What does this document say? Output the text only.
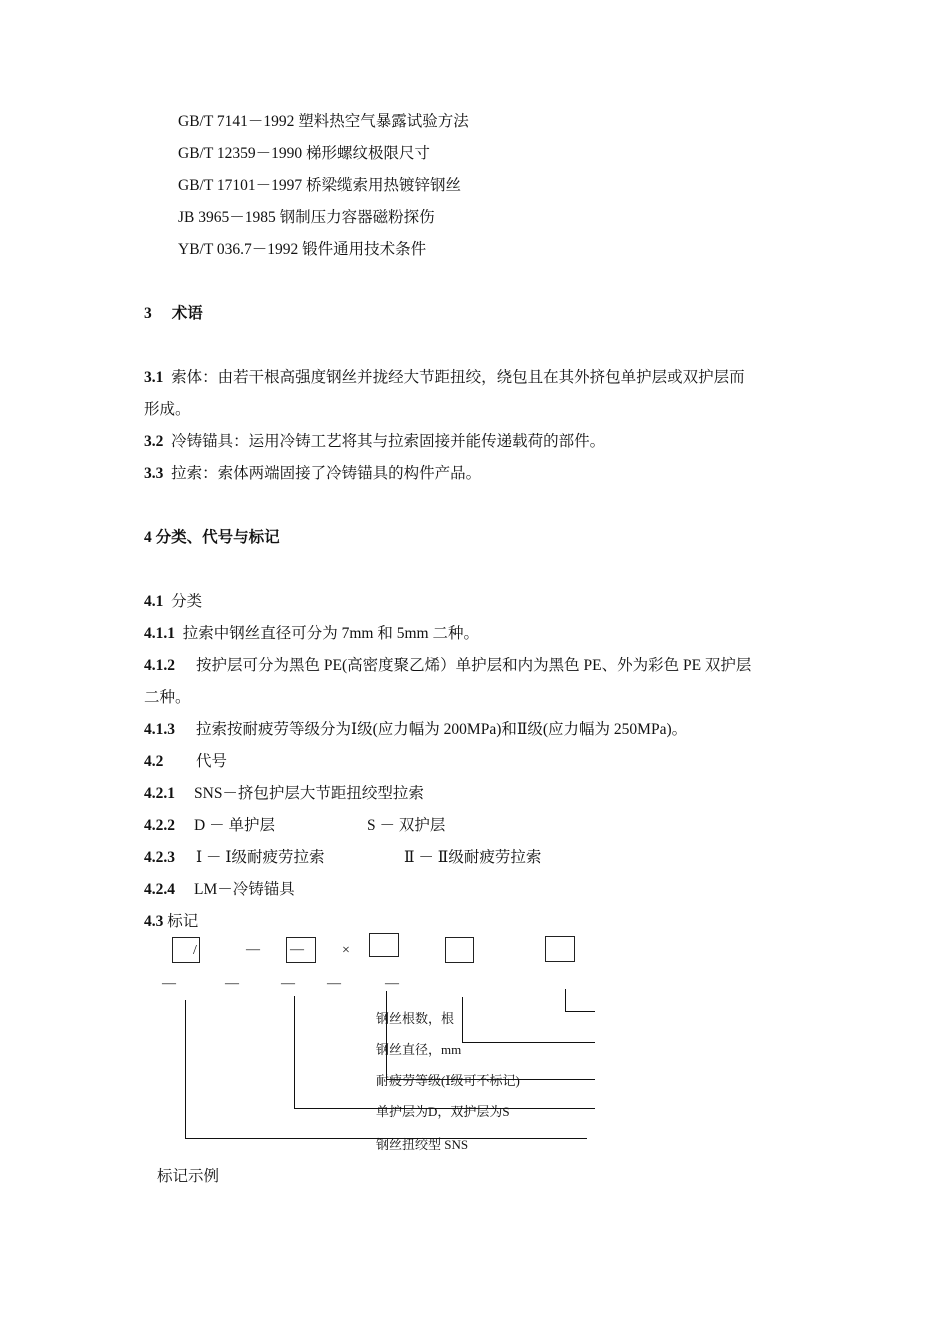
GB/T 7141－1992 塑料热空气暴露试验方法
GB/T 12359－1990 梯形螺纹极限尺寸
GB/T 17101－1997 桥梁缆索用热镀锌钢丝
JB 3965－1985 钢制压力容器磁粉探伤
YB/T 036.7－1992 锻件通用技术条件
3 术语
3.1 索体：由若干根高强度钢丝并拢经大节距扭绞，绕包且在其外挤包单护层或双护层而
形成。
3.2 冷铸锚具：运用冷铸工艺将其与拉索固接并能传递载荷的部件。
3.3 拉索：索体两端固接了冷铸锚具的构件产品。
4 分类、代号与标记
4.1 分类
4.1.1 拉索中钢丝直径可分为 7mm 和 5mm 二种。
4.1.2 按护层可分为黑色 PE(高密度聚乙烯）单护层和内为黑色 PE、外为彩色 PE 双护层
二种。
4.1.3 拉索按耐疲劳等级分为Ⅰ级(应力幅为 200MPa)和Ⅱ级(应力幅为 250MPa)。
4.2 代号
4.2.1 SNS－挤包护层大节距扭绞型拉索
4.2.2 D － 单护层	S － 双护层
4.2.3 Ⅰ － Ⅰ级耐疲劳拉索	Ⅱ － Ⅱ级耐疲劳拉索
4.2.4 LM－冷铸锚具
4.3 标记
/	— —	×
—	—	— —	—
钢丝根数，根
钢丝直径，mm
耐疲劳等级(Ⅰ级可不标记)
单护层为D，双护层为S
钢丝扭绞型 SNS
标记示例
